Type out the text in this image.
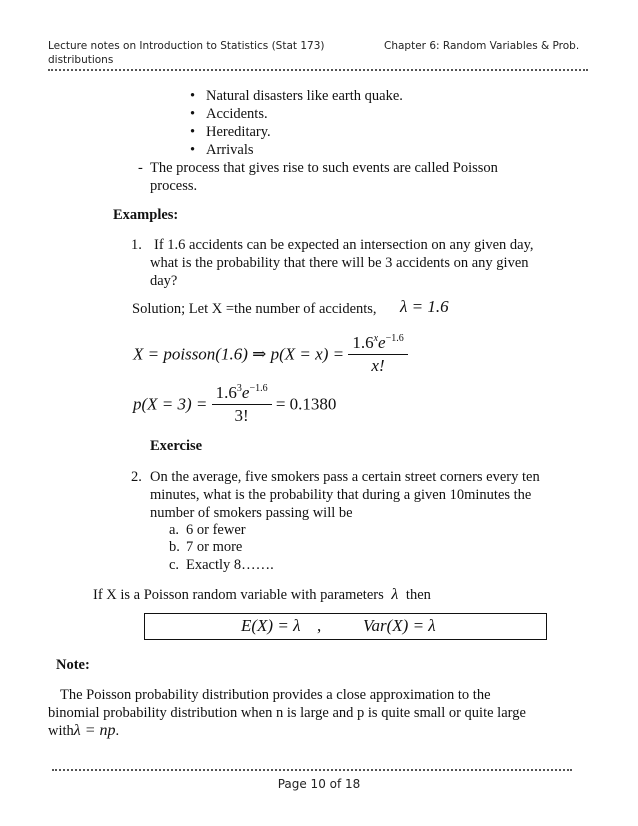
Lecture notes on Introduction to Statistics (Stat 173)
distributions
Chapter 6: Random Variables & Prob.
• Natural disasters like earth quake.
• Accidents.
• Hereditary.
• Arrivals
- The process that gives rise to such events are called Poisson
process.
Examples:
1. If 1.6 accidents can be expected an intersection on any given day,
what is the probability that there will be 3 accidents on any given
day?
Solution; Let X =the number of accidents, λ = 1.6
X = poisson(1.6) ⇒ $p(X = x) = \frac{1.6^xe^{-1.6}}{x!}$
$p(X = 3) = \frac{1.6^3e^{-1.6}}{3!} = 0.1380$
Exercise
2. On the average, five smokers pass a certain street corners every ten
minutes, what is the probability that during a given 10minutes the
number of smokers passing will be
a. 6 or fewer
b. 7 or more
c. Exactly 8…….
If X is a Poisson random variable with parameters λ then
E(X) = λ , Var(X) = λ
Note:
The Poisson probability distribution provides a close approximation to the
binomial probability distribution when n is large and p is quite small or quite large
withλ = np.
Page 10 of 18
